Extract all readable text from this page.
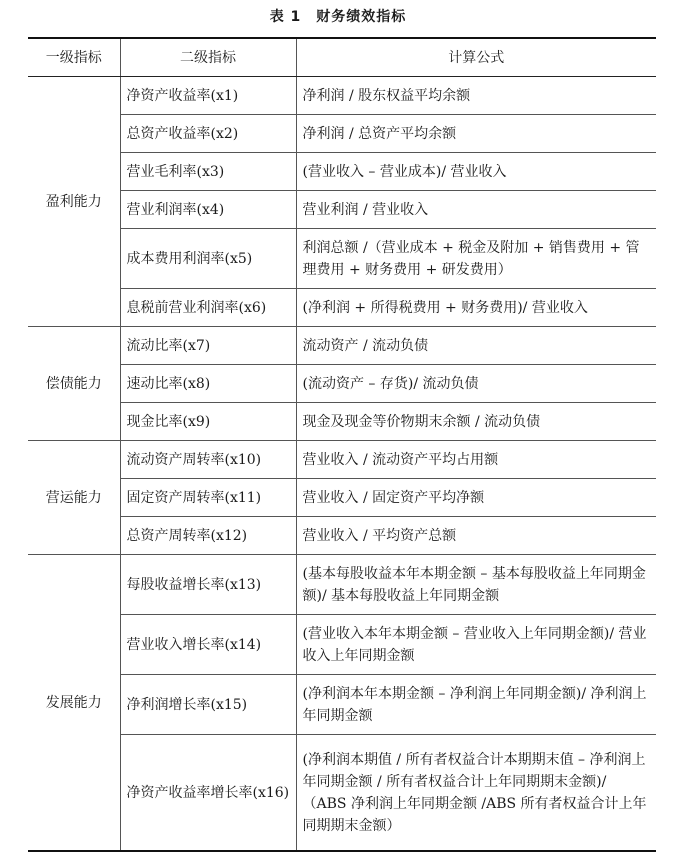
表 1　财务绩效指标
一级指标	二级指标	计算公式
盈利能力	净资产收益率(x1)	净利润 / 股东权益平均余额
	总资产收益率(x2)	净利润 / 总资产平均余额
	营业毛利率(x3)	(营业收入 – 营业成本)/ 营业收入
	营业利润率(x4)	营业利润 / 营业收入
	成本费用利润率(x5)	利润总额 /（营业成本 + 税金及附加 + 销售费用 + 管理费用 + 财务费用 + 研发费用）
	息税前营业利润率(x6)	(净利润 + 所得税费用 + 财务费用)/ 营业收入
偿债能力	流动比率(x7)	流动资产 / 流动负债
	速动比率(x8)	(流动资产 – 存货)/ 流动负债
	现金比率(x9)	现金及现金等价物期末余额 / 流动负债
营运能力	流动资产周转率(x10)	营业收入 / 流动资产平均占用额
	固定资产周转率(x11)	营业收入 / 固定资产平均净额
	总资产周转率(x12)	营业收入 / 平均资产总额
发展能力	每股收益增长率(x13)	(基本每股收益本年本期金额 – 基本每股收益上年同期金额)/ 基本每股收益上年同期金额
	营业收入增长率(x14)	(营业收入本年本期金额 – 营业收入上年同期金额)/ 营业收入上年同期金额
	净利润增长率(x15)	(净利润本年本期金额 – 净利润上年同期金额)/ 净利润上年同期金额
	净资产收益率增长率(x16)	(净利润本期值 / 所有者权益合计本期期末值 – 净利润上年同期金额 / 所有者权益合计上年同期期末金额)/（ABS 净利润上年同期金额 /ABS 所有者权益合计上年同期期末金额）
